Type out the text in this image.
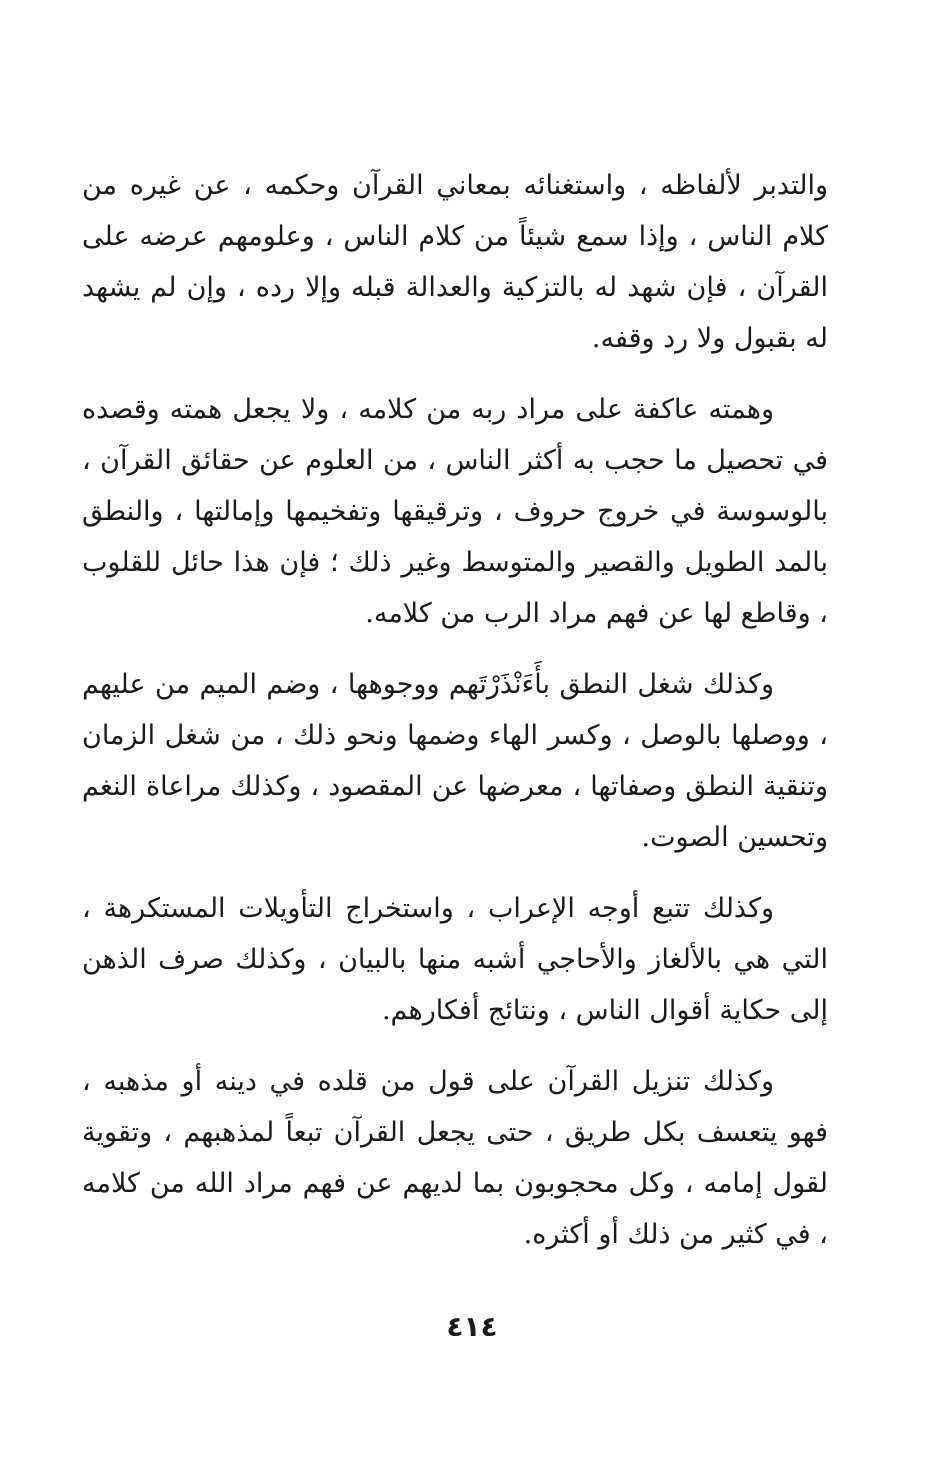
والتدبر لألفاظه ، واستغنائه بمعاني القرآن وحكمه ، عن غيره من كلام الناس ، وإذا سمع شيئاً من كلام الناس ، وعلومهم عرضه على القرآن ، فإن شهد له بالتزكية والعدالة قبله وإلا رده ، وإن لم يشهد له بقبول ولا رد وقفه.

وهمته عاكفة على مراد ربه من كلامه ، ولا يجعل همته وقصده في تحصيل ما حجب به أكثر الناس ، من العلوم عن حقائق القرآن ، بالوسوسة في خروج حروف ، وترقيقها وتفخيمها وإمالتها ، والنطق بالمد الطويل والقصير والمتوسط وغير ذلك ؛ فإن هذا حائل للقلوب ، وقاطع لها عن فهم مراد الرب من كلامه.

وكذلك شغل النطق بأَءَنْذَرْتَهم ووجوهها ، وضم الميم من عليهم ، ووصلها بالوصل ، وكسر الهاء وضمها ونحو ذلك ، من شغل الزمان وتنقية النطق وصفاتها ، معرضها عن المقصود ، وكذلك مراعاة النغم وتحسين الصوت.

وكذلك تتبع أوجه الإعراب ، واستخراج التأويلات المستكرهة ، التي هي بالألغاز والأحاجي أشبه منها بالبيان ، وكذلك صرف الذهن إلى حكاية أقوال الناس ، ونتائج أفكارهم.

وكذلك تنزيل القرآن على قول من قلده في دينه أو مذهبه ، فهو يتعسف بكل طريق ، حتى يجعل القرآن تبعاً لمذهبهم ، وتقوية لقول إمامه ، وكل محجوبون بما لديهم عن فهم مراد الله من كلامه ، في كثير من ذلك أو أكثره.

٤١٤
